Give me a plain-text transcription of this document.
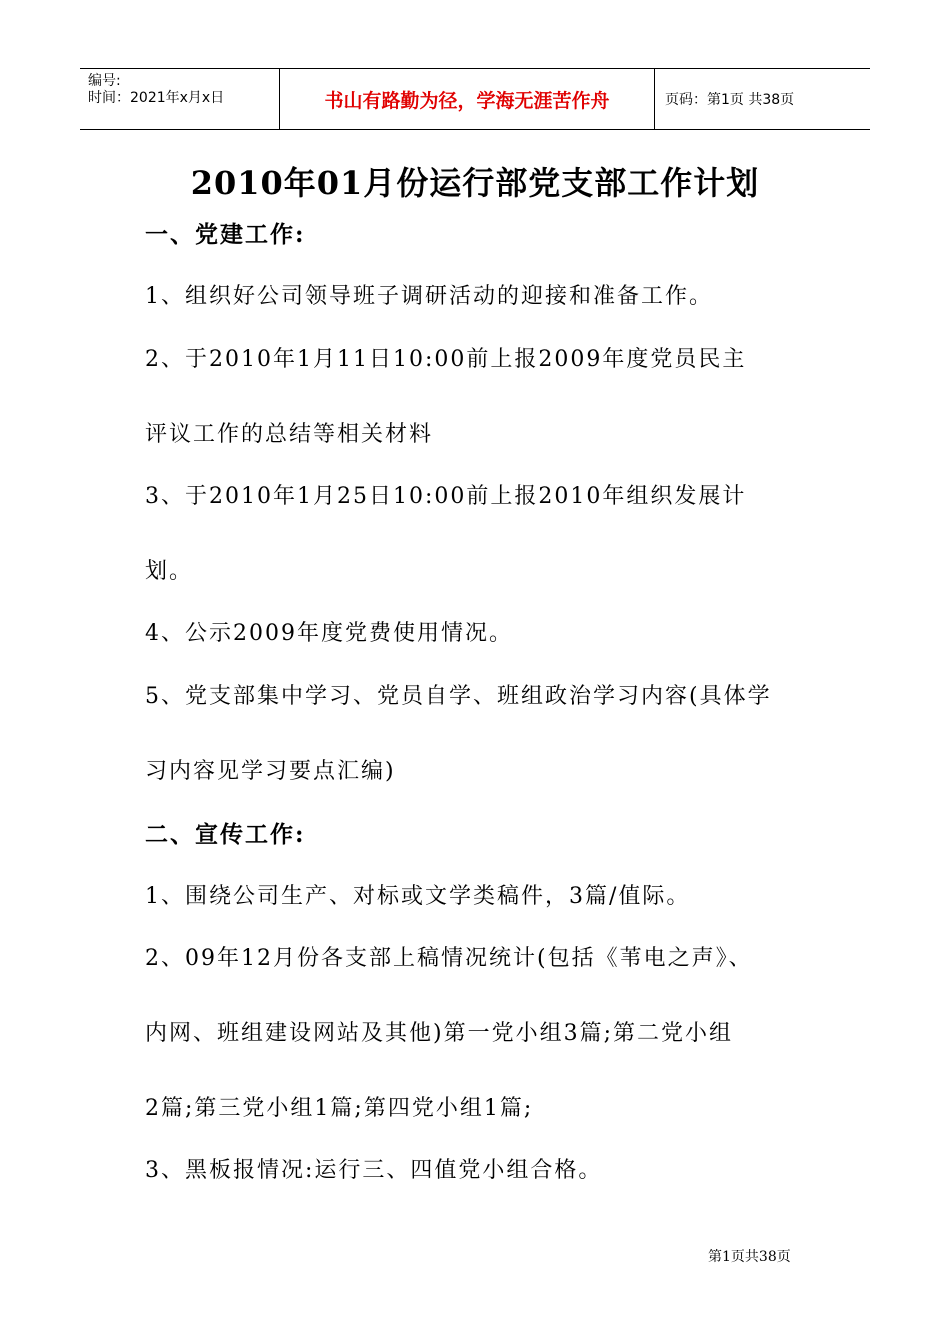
编号:
时间：2021年x月x日	书山有路勤为径，学海无涯苦作舟	页码：第1页 共38页
2010年01月份运行部党支部工作计划
一、党建工作:
1、组织好公司领导班子调研活动的迎接和准备工作。
2、于2010年1月11日10:00前上报2009年度党员民主
评议工作的总结等相关材料
3、于2010年1月25日10:00前上报2010年组织发展计
划。
4、公示2009年度党费使用情况。
5、党支部集中学习、党员自学、班组政治学习内容(具体学
习内容见学习要点汇编)
二、宣传工作:
1、围绕公司生产、对标或文学类稿件，3篇/值际。
2、09年12月份各支部上稿情况统计(包括《苇电之声》、
内网、班组建设网站及其他)第一党小组3篇;第二党小组
2篇;第三党小组1篇;第四党小组1篇;
3、黑板报情况:运行三、四值党小组合格。
第1页共38页
